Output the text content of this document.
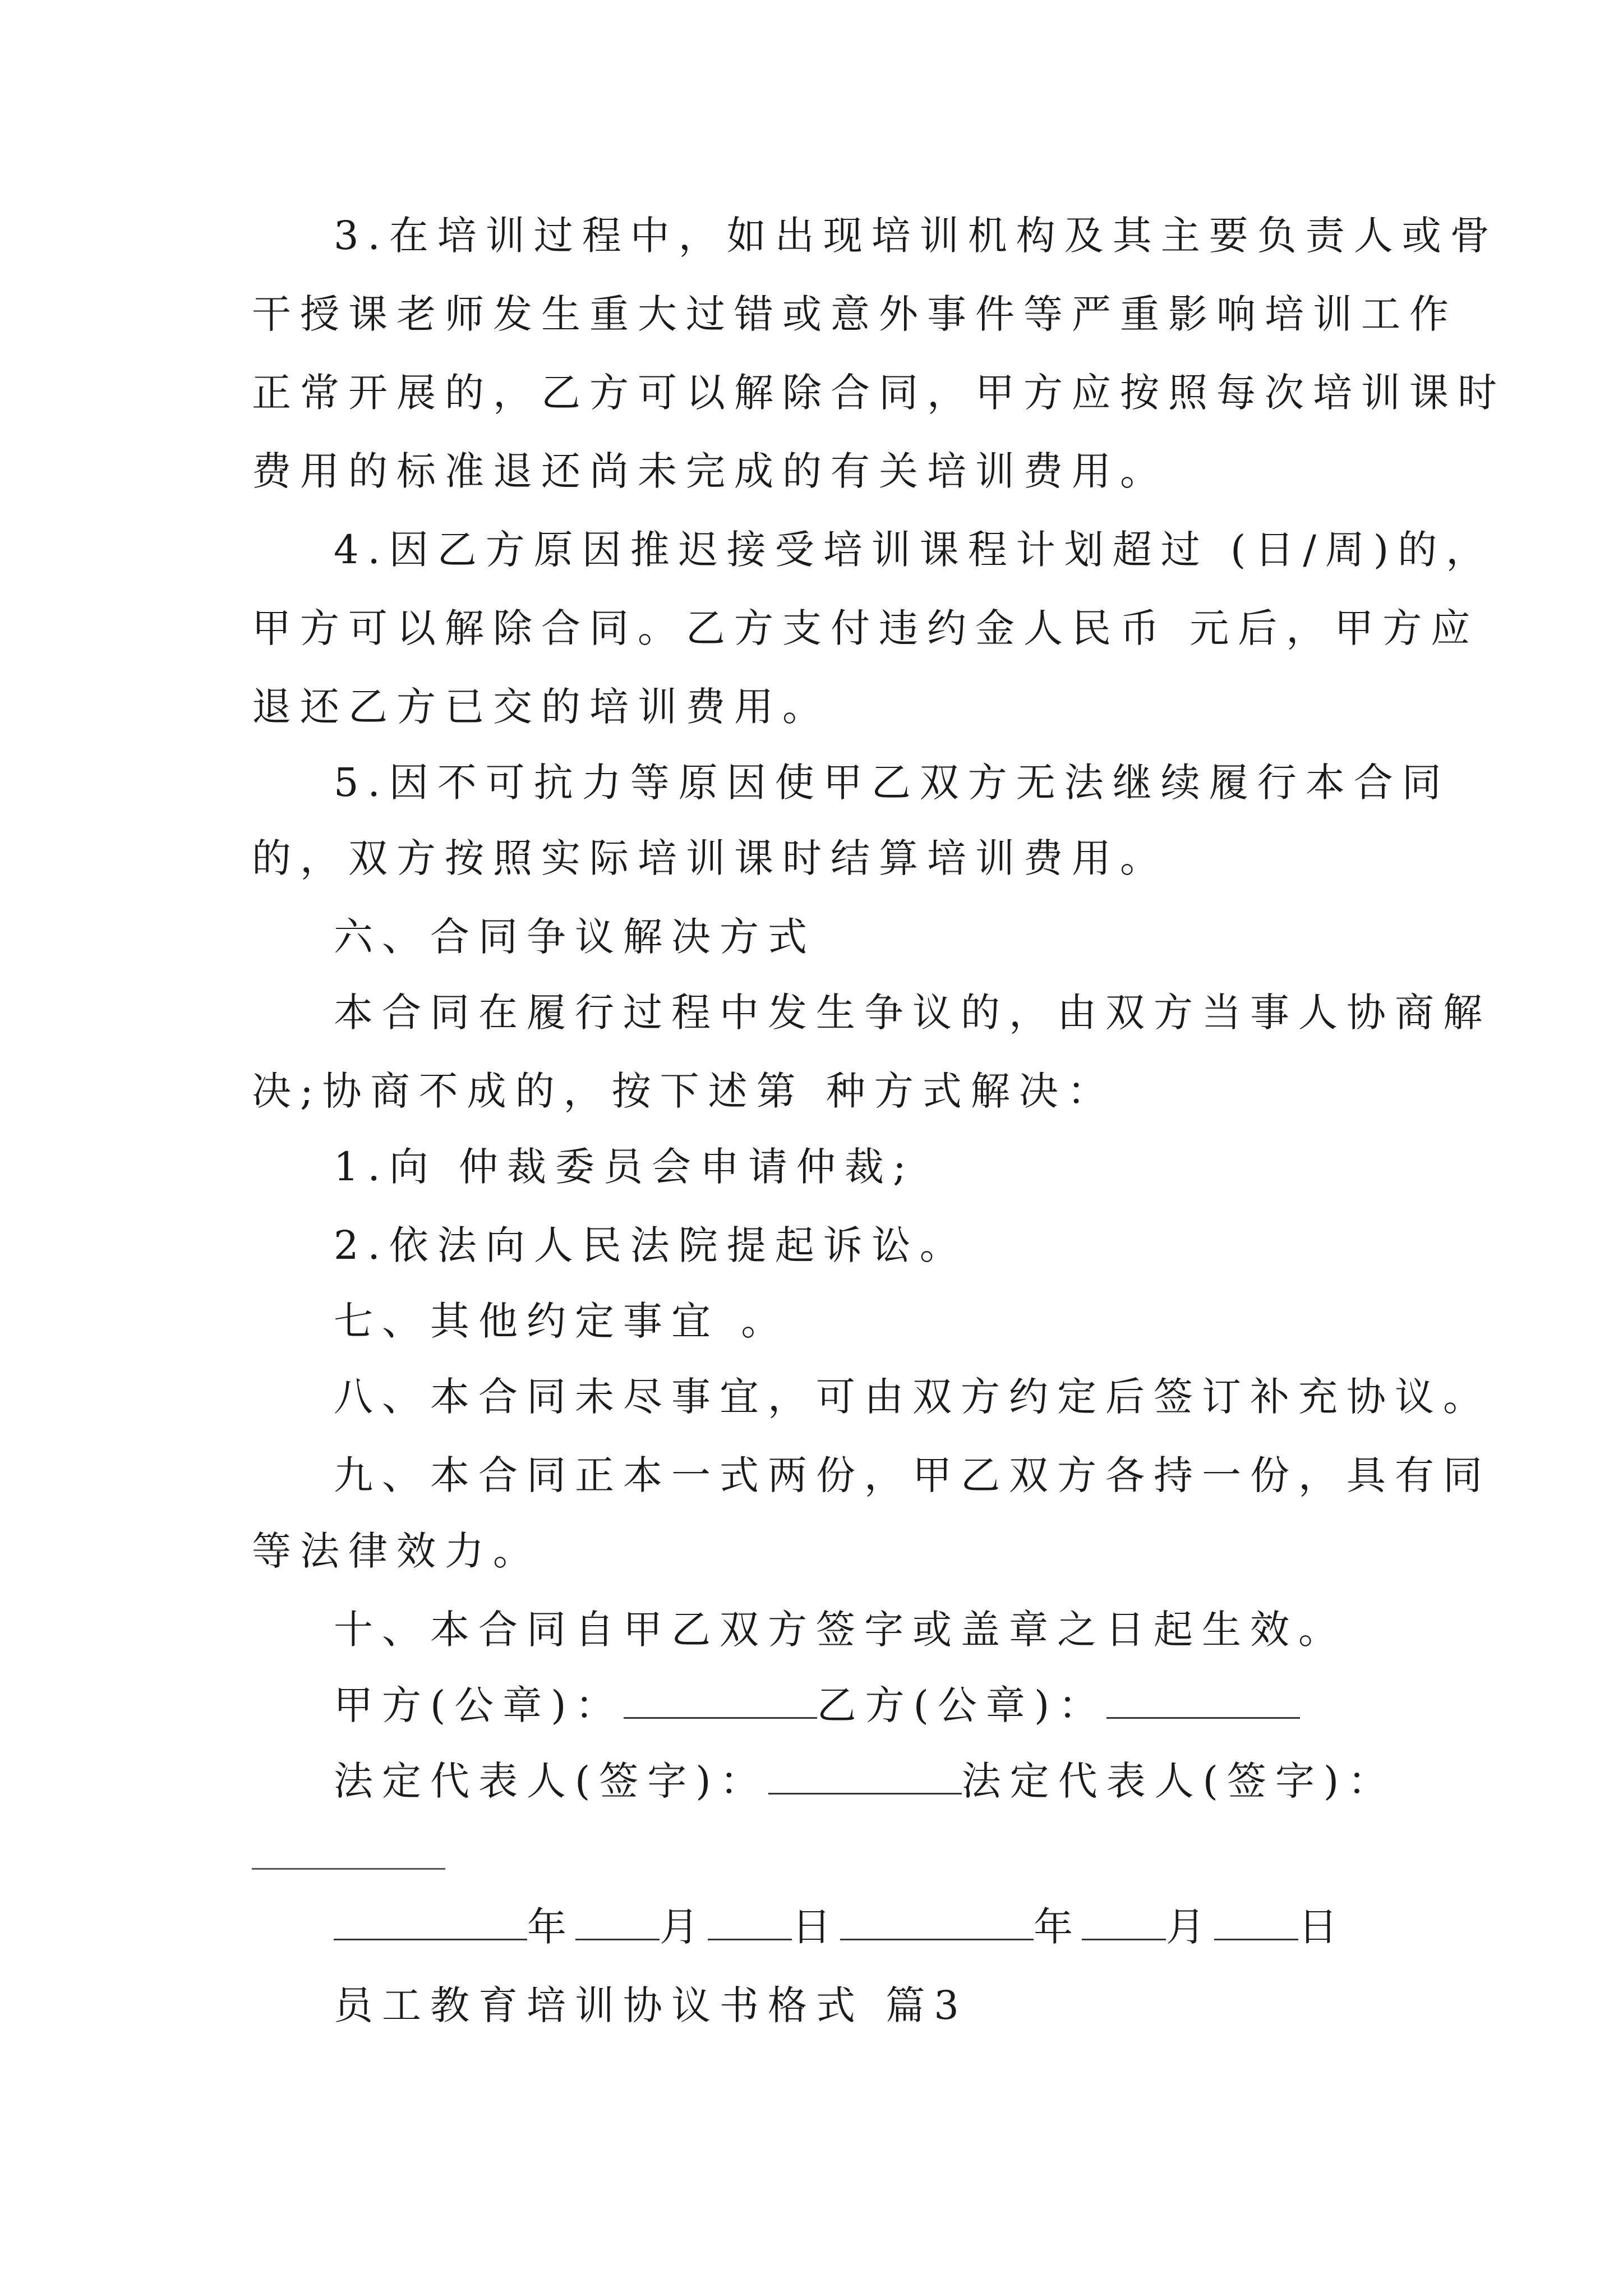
3.在培训过程中，如出现培训机构及其主要负责人或骨
干授课老师发生重大过错或意外事件等严重影响培训工作
正常开展的，乙方可以解除合同，甲方应按照每次培训课时
费用的标准退还尚未完成的有关培训费用。
4.因乙方原因推迟接受培训课程计划超过 (日/周)的，
甲方可以解除合同。乙方支付违约金人民币 元后，甲方应
退还乙方已交的培训费用。
5.因不可抗力等原因使甲乙双方无法继续履行本合同
的，双方按照实际培训课时结算培训费用。
六、合同争议解决方式
本合同在履行过程中发生争议的，由双方当事人协商解
决;协商不成的，按下述第 种方式解决：
1.向 仲裁委员会申请仲裁;
2.依法向人民法院提起诉讼。
七、其他约定事宜 。
八、本合同未尽事宜，可由双方约定后签订补充协议。
九、本合同正本一式两份，甲乙双方各持一份，具有同
等法律效力。
十、本合同自甲乙双方签字或盖章之日起生效。
甲方(公章)：	乙方(公章)：
法定代表人(签字)：	法定代表人(签字)：
年 月 日	年 月 日
员工教育培训协议书格式 篇3
